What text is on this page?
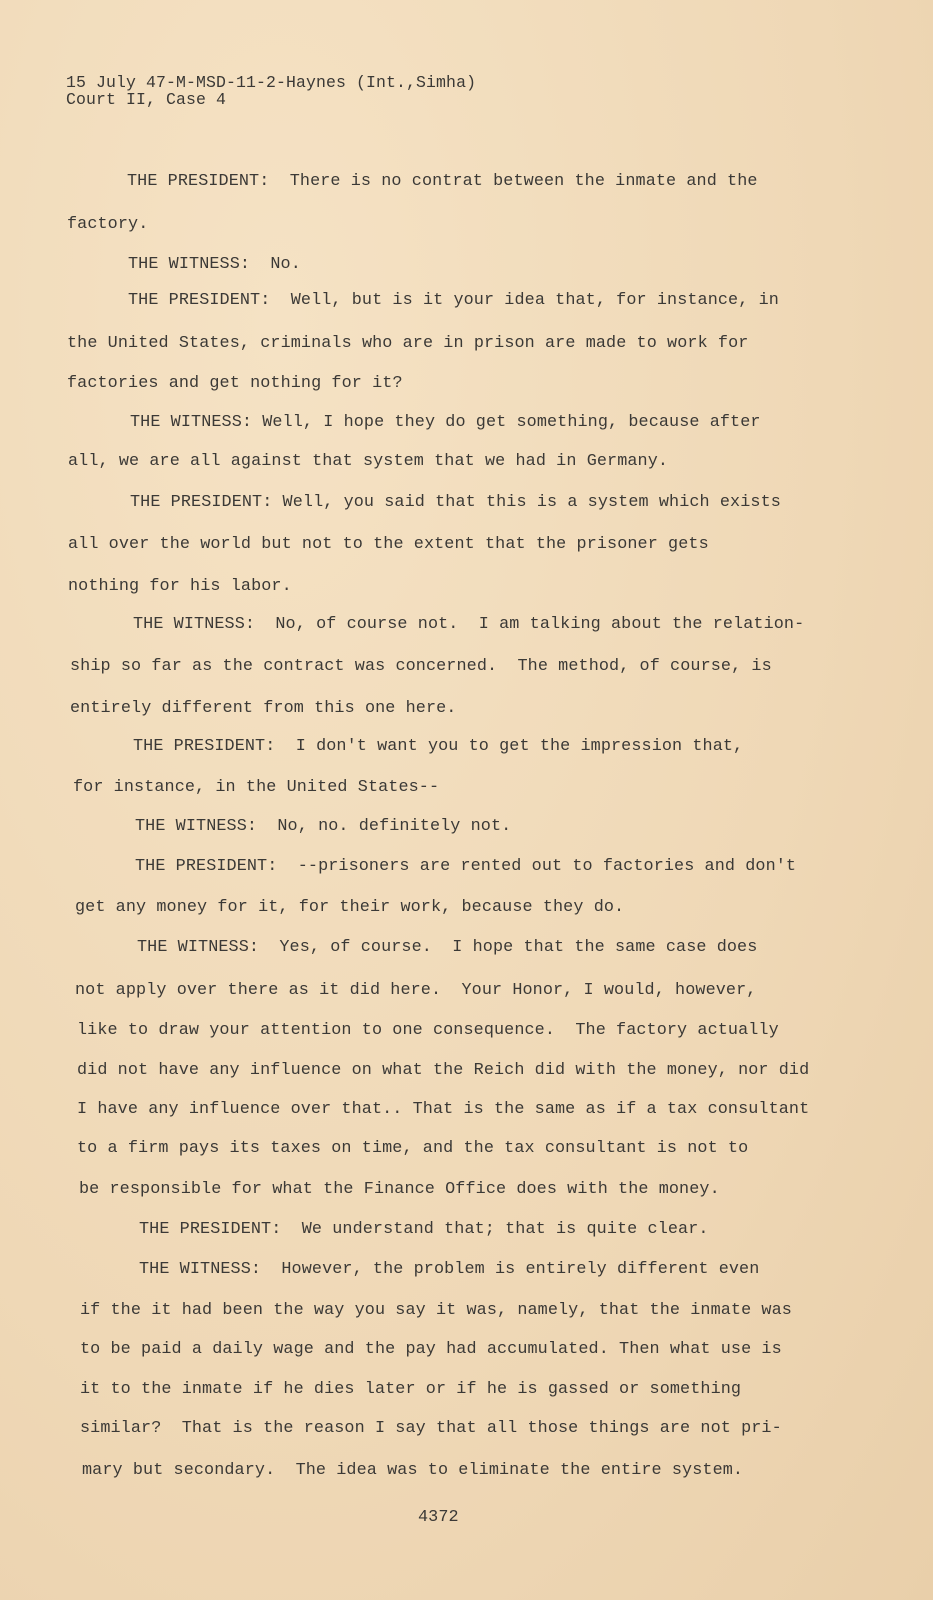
15 July 47-M-MSD-11-2-Haynes (Int.,Simha)
Court II, Case 4
THE PRESIDENT:  There is no contrat between the inmate and the
factory.
THE WITNESS:  No.
THE PRESIDENT:  Well, but is it your idea that, for instance, in
the United States, criminals who are in prison are made to work for
factories and get nothing for it?
THE WITNESS: Well, I hope they do get something, because after
all, we are all against that system that we had in Germany.
THE PRESIDENT: Well, you said that this is a system which exists
all over the world but not to the extent that the prisoner gets
nothing for his labor.
THE WITNESS:  No, of course not.  I am talking about the relation-
ship so far as the contract was concerned.  The method, of course, is
entirely different from this one here.
THE PRESIDENT:  I don't want you to get the impression that,
for instance, in the United States--
THE WITNESS:  No, no. definitely not.
THE PRESIDENT:  --prisoners are rented out to factories and don't
get any money for it, for their work, because they do.
THE WITNESS:  Yes, of course.  I hope that the same case does
not apply over there as it did here.  Your Honor, I would, however,
like to draw your attention to one consequence.  The factory actually
did not have any influence on what the Reich did with the money, nor did
I have any influence over that.. That is the same as if a tax consultant
to a firm pays its taxes on time, and the tax consultant is not to
be responsible for what the Finance Office does with the money.
THE PRESIDENT:  We understand that; that is quite clear.
THE WITNESS:  However, the problem is entirely different even
if the it had been the way you say it was, namely, that the inmate was
to be paid a daily wage and the pay had accumulated. Then what use is
it to the inmate if he dies later or if he is gassed or something
similar?  That is the reason I say that all those things are not pri-
mary but secondary.  The idea was to eliminate the entire system.
4372
